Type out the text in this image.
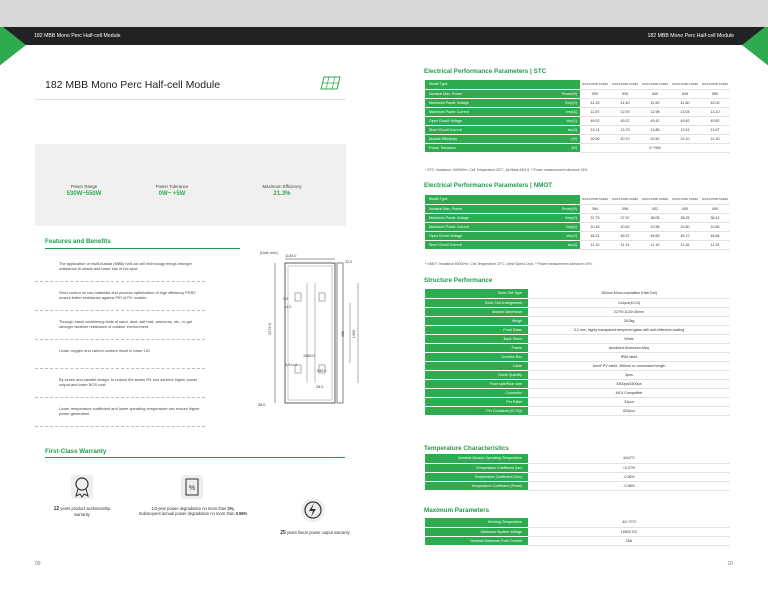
182 MBB Mono Perc Half-cell Module
182 MBB Mono Perc Half-cell Module
Power Range
530W~550W
Power Tolerance
0W~ +5W
Maximum Efficiency
21.3%
Features and Benefits
The application of multi-busbar (MBB) half-cut cell technology brings stronger resistance to shade and lower risk of hot spot.
Strict control on raw materials and process optimization of high efficiency PERC ensure better resistance against PID of PV module.
Through harsh weathering tests of sand, dust, salt mist, ammonia, etc., to get stronger weather resistance of outdoor environment.
Lower oxygen and carbon content result in lower LID.
By series and parallel design, to reduce the series RS and achieve higher power output and lower BOS cost.
Lower temperature coefficient and lower operating temperature can ensure higher power generation.
(Unit: mm)
1134.0
32.0
2279.0
9.0
14.0
400 1400
1089.0
4-9×14
539.0
25.0
35.0
First-Class Warranty
%
12 years product workmanship warranty
1st year power degradation no more than 2%,
Subsequent annual power degradation no more than 0.55%
25 years linear power output warranty
09
182 MBB Mono Perc Half-cell Module
Electrical Performance Parameters | STC
Model Type		SXXX-PM8 72/182	SXXX-PM8 72/182	SXXX-PM8 72/182	SXXX-PM8 72/182	SXXX-PM8 72/182
Nominal Max. Power	Pmax(W)	530	535	540	545	550
Maximum Power Voltage	Vmp(V)	41.20	41.40	41.60	41.80	42.00
Maximum Power Current	Imp(A)	12.87	12.93	12.98	13.04	13.10
Open Circuit Voltage	Voc(V)	49.02	49.22	49.42	49.62	49.82
Short Circuit Current	Isc(A)	13.74	13.79	13.85	13.91	13.97
Module Efficiency	(%)	20.50	20.70	20.90	21.10	21.30
Power Tolerance	(W)	0~+5W				
* STC: Irradiance 1000W/m², Cell Temperature 25°C, Air Mass AM1.5. * Power measurement tolerance ±3%.
Electrical Performance Parameters | NMOT
Model Type		SXXX-PM8 72/182	SXXX-PM8 72/182	SXXX-PM8 72/182	SXXX-PM8 72/182	SXXX-PM8 72/182
Nominal Max. Power	Pmax(W)	394	398	402	405	409
Maximum Power Voltage	Vmp(V)	37.79	37.97	38.05	38.25	38.42
Maximum Power Current	Imp(A)	10.45	10.50	10.56	10.60	10.65
Open Circuit Voltage	Voc(V)	46.21	46.37	46.55	46.72	46.84
Short Circuit Current	Isc(A)	11.10	11.14	11.19	11.26	11.33
* NMOT: Irradiance 800W/m², Cell Temperature 20°C, Wind Speed 1m/s. * Power measurement tolerance ±3%.
Structure Performance
Solar Cell Type	182mm Mono-crystalline (Half Cell)
Solar Cell Arrangement	144pcs(6×24)
Module Dimension	2279×1134×35mm
Weigh	28.0kg
Front Glass	3.2 mm, highly transparent tempered glass with anti-reflective coating
Back Sheet	White
Frame	Anodized Aluminum Alloy
Junction Box	IP68 rated
Cable	4mm² PV cable, 350mm or customized length
Diode Quantity	3pcs
Front side/Rear side	5400pa/2400pa
Connector	MC4 Compatible
Per Pallet	31pcs
Per Container(40' HQ)	620pcs
Temperature Characteristics
Nominal Module Operating Temperature	44±2°C
Temperature Coefficient (Isc)	+0.07%
Temperature Coefficient (Voc)	-0.36%
Temperature Coefficient (Pmax)	-0.38%
Maximum Parameters
Working Temperature	-40~70°C
Maximum System Voltage	1500V DC
Nominal Maximum Fuse Current	25A
10
